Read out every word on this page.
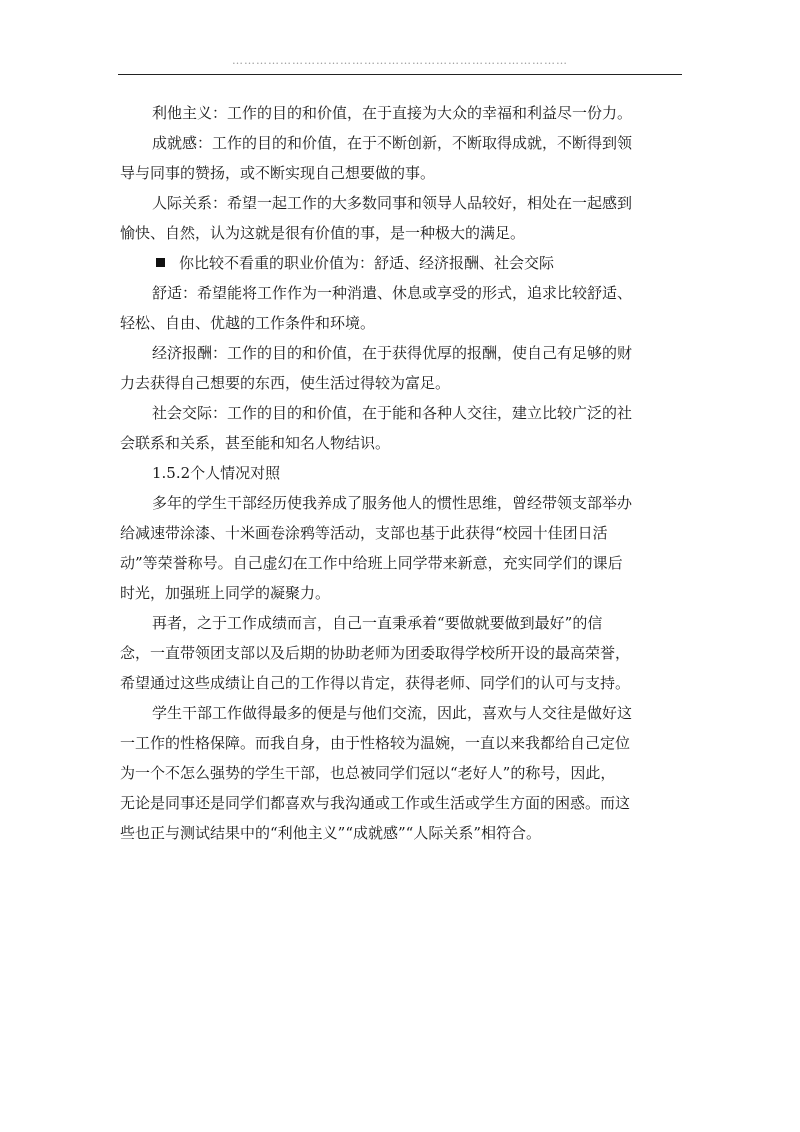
…………………………………………………………………………
利他主义：工作的目的和价值，在于直接为大众的幸福和利益尽一份力。
成就感：工作的目的和价值，在于不断创新，不断取得成就，不断得到领
导与同事的赞扬，或不断实现自己想要做的事。
人际关系：希望一起工作的大多数同事和领导人品较好，相处在一起感到
愉快、自然，认为这就是很有价值的事，是一种极大的满足。
你比较不看重的职业价值为：舒适、经济报酬、社会交际
舒适：希望能将工作作为一种消遣、休息或享受的形式，追求比较舒适、
轻松、自由、优越的工作条件和环境。
经济报酬：工作的目的和价值，在于获得优厚的报酬，使自己有足够的财
力去获得自己想要的东西，使生活过得较为富足。
社会交际：工作的目的和价值，在于能和各种人交往，建立比较广泛的社
会联系和关系，甚至能和知名人物结识。
1.5.2个人情况对照
多年的学生干部经历使我养成了服务他人的惯性思维，曾经带领支部举办
给减速带涂漆、十米画卷涂鸦等活动，支部也基于此获得“校园十佳团日活
动”等荣誉称号。自己虚幻在工作中给班上同学带来新意，充实同学们的课后
时光，加强班上同学的凝聚力。
再者，之于工作成绩而言，自己一直秉承着“要做就要做到最好”的信
念，一直带领团支部以及后期的协助老师为团委取得学校所开设的最高荣誉，
希望通过这些成绩让自己的工作得以肯定，获得老师、同学们的认可与支持。
学生干部工作做得最多的便是与他们交流，因此，喜欢与人交往是做好这
一工作的性格保障。而我自身，由于性格较为温婉，一直以来我都给自己定位
为一个不怎么强势的学生干部，也总被同学们冠以“老好人”的称号，因此，
无论是同事还是同学们都喜欢与我沟通或工作或生活或学生方面的困惑。而这
些也正与测试结果中的“利他主义”“成就感”“人际关系”相符合。
